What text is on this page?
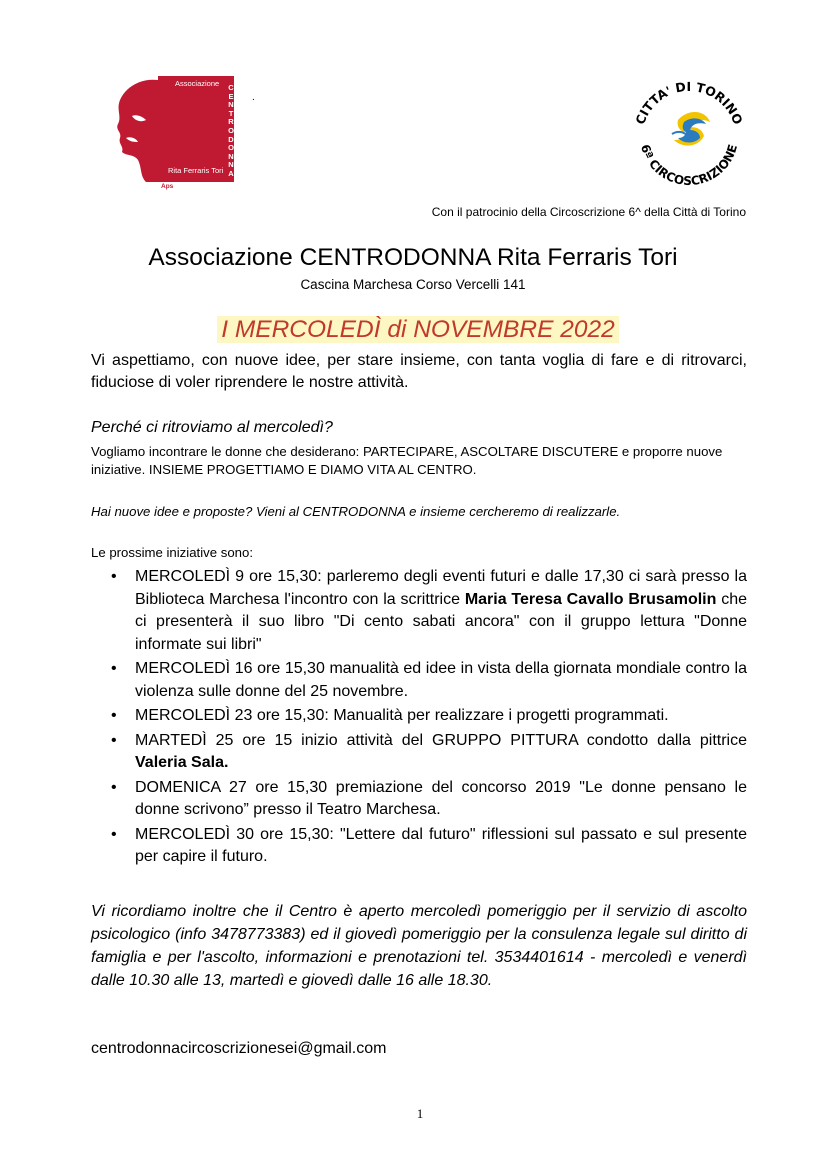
Associazione	C
E
N
T
R
O
D
O
N
N
A
Rita Ferraris Tori
Aps
.
CITTA' DI TORINO
6ª CIRCOSCRIZIONE
Con il patrocinio della Circoscrizione 6^ della Città di Torino
Associazione CENTRODONNA Rita Ferraris Tori
Cascina Marchesa Corso Vercelli 141
I MERCOLEDÌ di NOVEMBRE 2022
Vi aspettiamo, con nuove idee, per stare insieme, con tanta voglia di fare e di ritrovarci, fiduciose di voler riprendere le nostre attività.
Perché ci ritroviamo al mercoledì?
Vogliamo incontrare le donne che desiderano: PARTECIPARE, ASCOLTARE DISCUTERE e proporre nuove iniziative. INSIEME PROGETTIAMO E DIAMO VITA AL CENTRO.
Hai nuove idee e proposte? Vieni al CENTRODONNA e insieme cercheremo di realizzarle.
Le prossime iniziative sono:
• MERCOLEDÌ 9 ore 15,30: parleremo degli eventi futuri e dalle 17,30 ci sarà presso la Biblioteca Marchesa l'incontro con la scrittrice Maria Teresa Cavallo Brusamolin che ci presenterà il suo libro "Di cento sabati ancora" con il gruppo lettura "Donne informate sui libri"
• MERCOLEDÌ 16 ore 15,30 manualità ed idee in vista della giornata mondiale contro la violenza sulle donne del 25 novembre.
• MERCOLEDÌ 23 ore 15,30: Manualità per realizzare i progetti programmati.
• MARTEDÌ 25 ore 15 inizio attività del GRUPPO PITTURA condotto dalla pittrice Valeria Sala.
• DOMENICA 27 ore 15,30 premiazione del concorso 2019 "Le donne pensano le donne scrivono” presso il Teatro Marchesa.
• MERCOLEDÌ 30 ore 15,30: "Lettere dal futuro" riflessioni sul passato e sul presente per capire il futuro.
Vi ricordiamo inoltre che il Centro è aperto mercoledì pomeriggio per il servizio di ascolto psicologico (info 3478773383) ed il giovedì pomeriggio per la consulenza legale sul diritto di famiglia e per l'ascolto, informazioni e prenotazioni tel. 3534401614 - mercoledì e venerdì dalle 10.30 alle 13, martedì e giovedì dalle 16 alle 18.30.
centrodonnacircoscrizionesei@gmail.com
1
